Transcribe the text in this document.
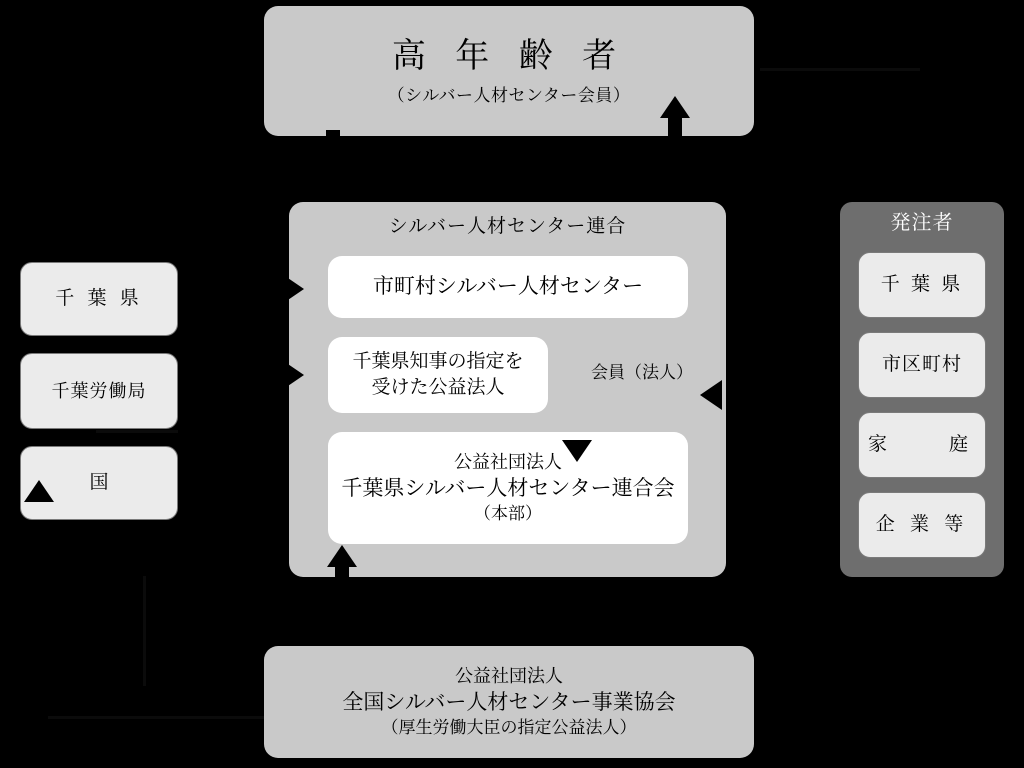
高 年 齢 者
（シルバー人材センター会員）
シルバー人材センター連合
市町村シルバー人材センター
千葉県知事の指定を
受けた公益法人
公益社団法人
千葉県シルバー人材センター連合会
（本部）
会員（法人）
千 葉 県
千葉労働局
国
発注者
千 葉 県
市区町村
家　　庭
企 業 等
公益社団法人
全国シルバー人材センター事業協会
（厚生労働大臣の指定公益法人）
